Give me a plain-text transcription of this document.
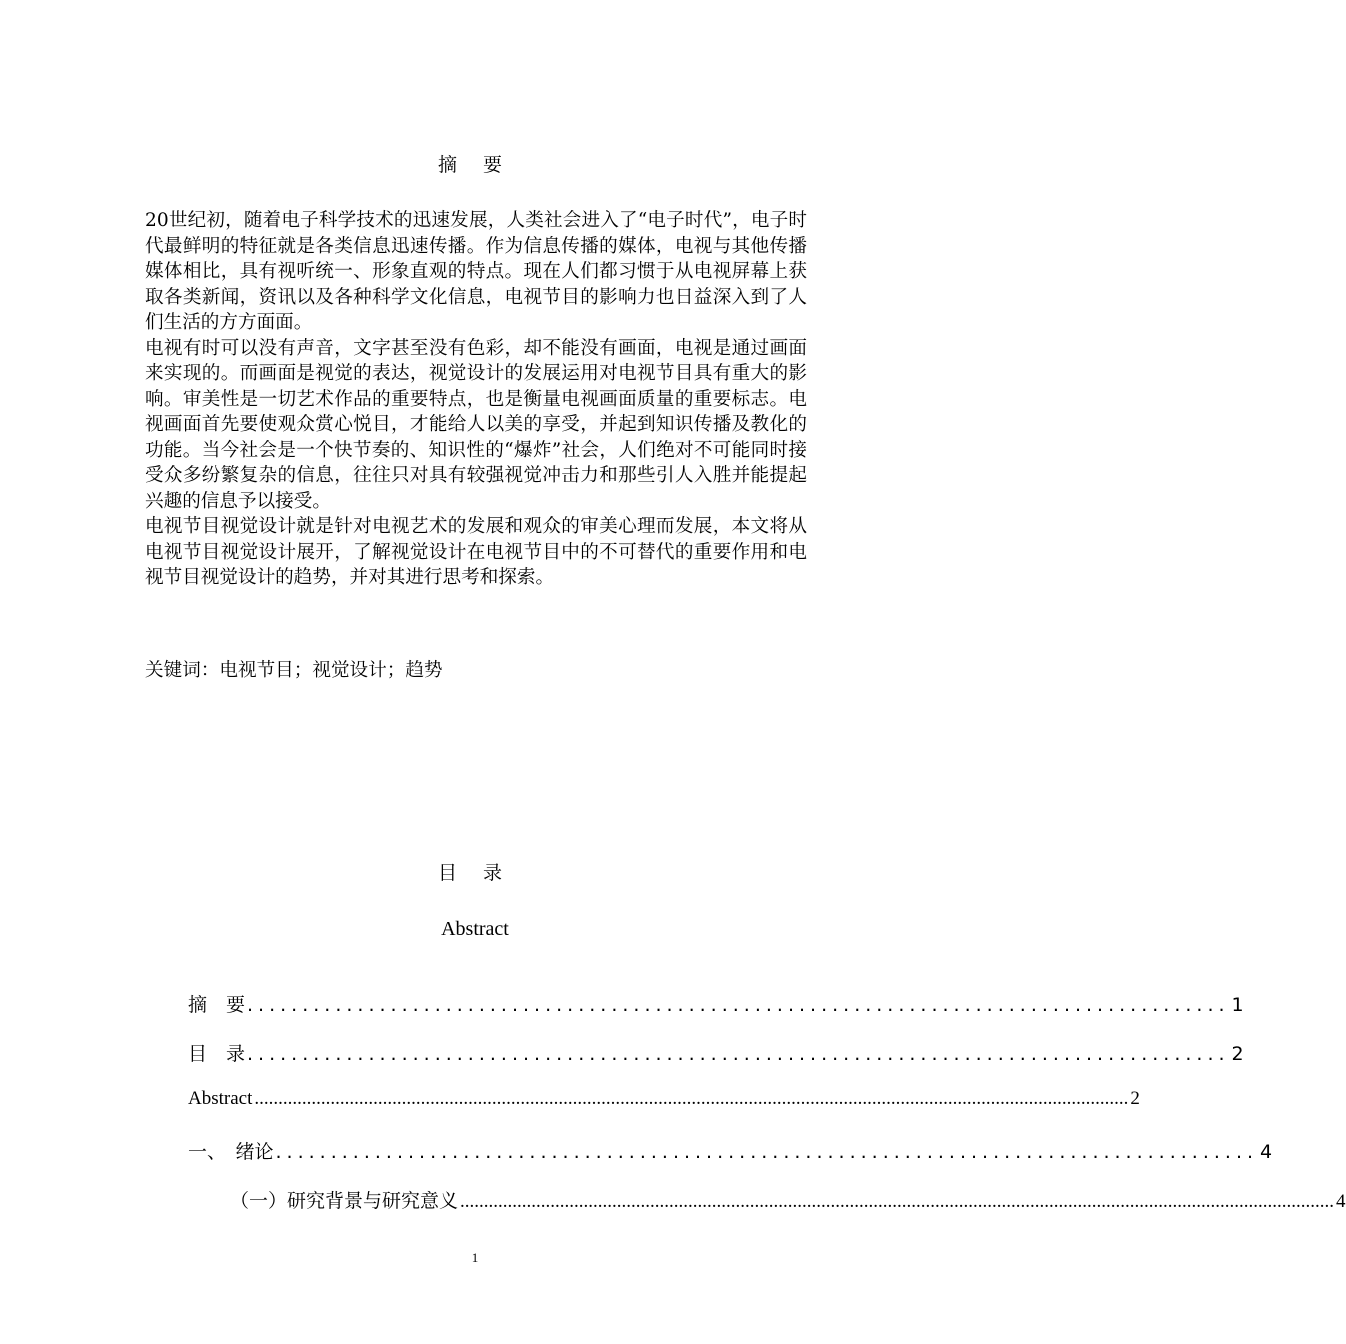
摘 要

20世纪初，随着电子科学技术的迅速发展，人类社会进入了“电子时代”，电子时代最鲜明的特征就是各类信息迅速传播。作为信息传播的媒体，电视与其他传播媒体相比，具有视听统一、形象直观的特点。现在人们都习惯于从电视屏幕上获取各类新闻，资讯以及各种科学文化信息，电视节目的影响力也日益深入到了人们生活的方方面面。

电视有时可以没有声音，文字甚至没有色彩，却不能没有画面，电视是通过画面来实现的。而画面是视觉的表达，视觉设计的发展运用对电视节目具有重大的影响。审美性是一切艺术作品的重要特点，也是衡量电视画面质量的重要标志。电视画面首先要使观众赏心悦目，才能给人以美的享受，并起到知识传播及教化的功能。当今社会是一个快节奏的、知识性的“爆炸”社会，人们绝对不可能同时接受众多纷繁复杂的信息，往往只对具有较强视觉冲击力和那些引人入胜并能提起兴趣的信息予以接受。

电视节目视觉设计就是针对电视艺术的发展和观众的审美心理而发展，本文将从电视节目视觉设计展开，了解视觉设计在电视节目中的不可替代的重要作用和电视节目视觉设计的趋势，并对其进行思考和探索。

关键词：电视节目；视觉设计；趋势
目 录
Abstract
摘　要 ......................................................................................... 1
目　录 ......................................................................................... 2
Abstract ........................................................................................................................................................................................ 2
一、　绪论 ......................................................................................... 4
（一）研究背景与研究意义 ........................................................................................................................................................................................ 4
1
